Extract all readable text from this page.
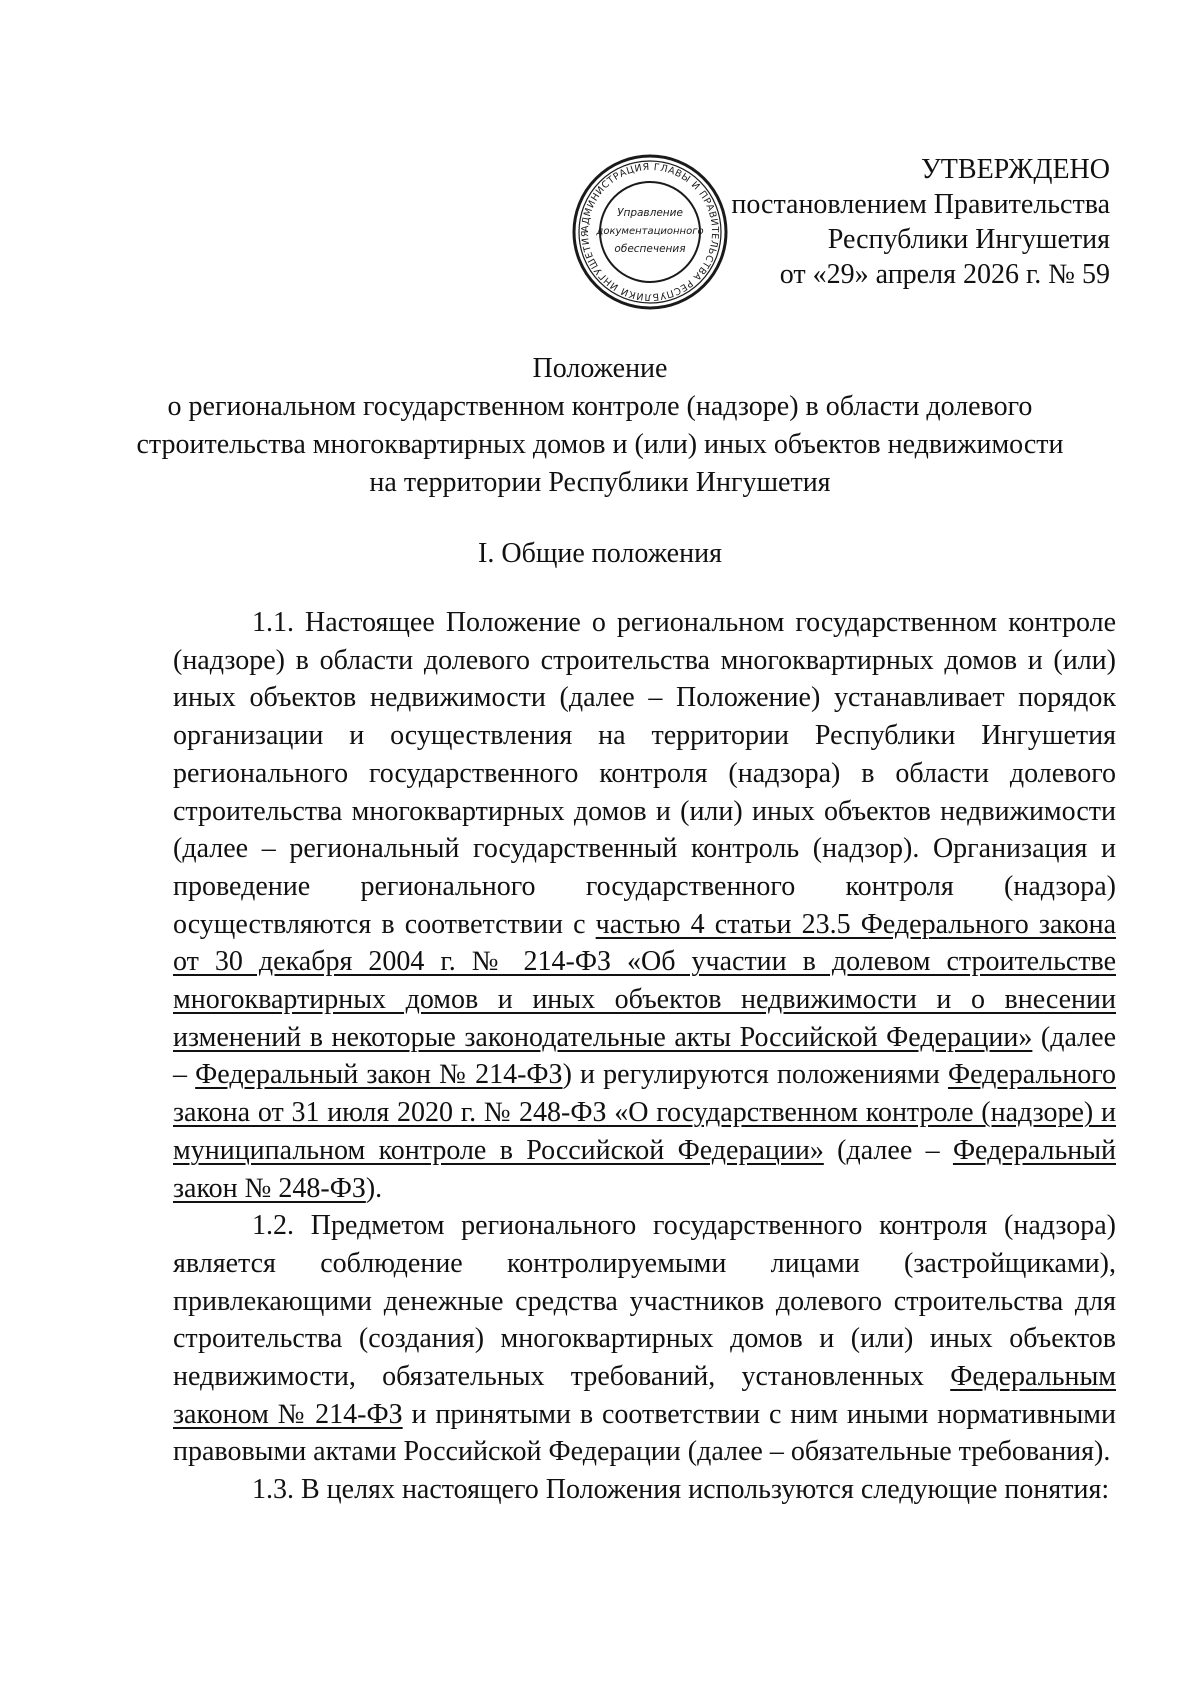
УТВЕРЖДЕНО
постановлением Правительства
Республики Ингушетия
от «29» апреля 2026 г. № 59
АДМИНИСТРАЦИЯ ГЛАВЫ И ПРАВИТЕЛЬСТВА РЕСПУБЛИКИ ИНГУШЕТИЯ
Управление
документационного
обеспечения
Положение
о региональном государственном контроле (надзоре) в области долевого
строительства многоквартирных домов и (или) иных объектов недвижимости
на территории Республики Ингушетия
I. Общие положения

1.1. Настоящее Положение о региональном государственном контроле (надзоре) в области долевого строительства многоквартирных домов и (или) иных объектов недвижимости (далее – Положение) устанавливает порядок организации и осуществления на территории Республики Ингушетия регионального государственного контроля (надзора) в области долевого строительства многоквартирных домов и (или) иных объектов недвижимости (далее – региональный государственный контроль (надзор). Организация и проведение регионального государственного контроля (надзора) осуществляются в соответствии с частью 4 статьи 23.5 Федерального закона от 30 декабря 2004 г. № 214-ФЗ «Об участии в долевом строительстве многоквартирных домов и иных объектов недвижимости и о внесении изменений в некоторые законодательные акты Российской Федерации» (далее – Федеральный закон № 214-ФЗ) и регулируются положениями Федерального закона от 31 июля 2020 г. № 248-ФЗ «О государственном контроле (надзоре) и муниципальном контроле в Российской Федерации» (далее – Федеральный закон № 248-ФЗ).

1.2. Предметом регионального государственного контроля (надзора) является соблюдение контролируемыми лицами (застройщиками), привлекающими денежные средства участников долевого строительства для строительства (создания) многоквартирных домов и (или) иных объектов недвижимости, обязательных требований, установленных Федеральным законом № 214-ФЗ и принятыми в соответствии с ним иными нормативными правовыми актами Российской Федерации (далее – обязательные требования).

1.3. В целях настоящего Положения используются следующие понятия:
